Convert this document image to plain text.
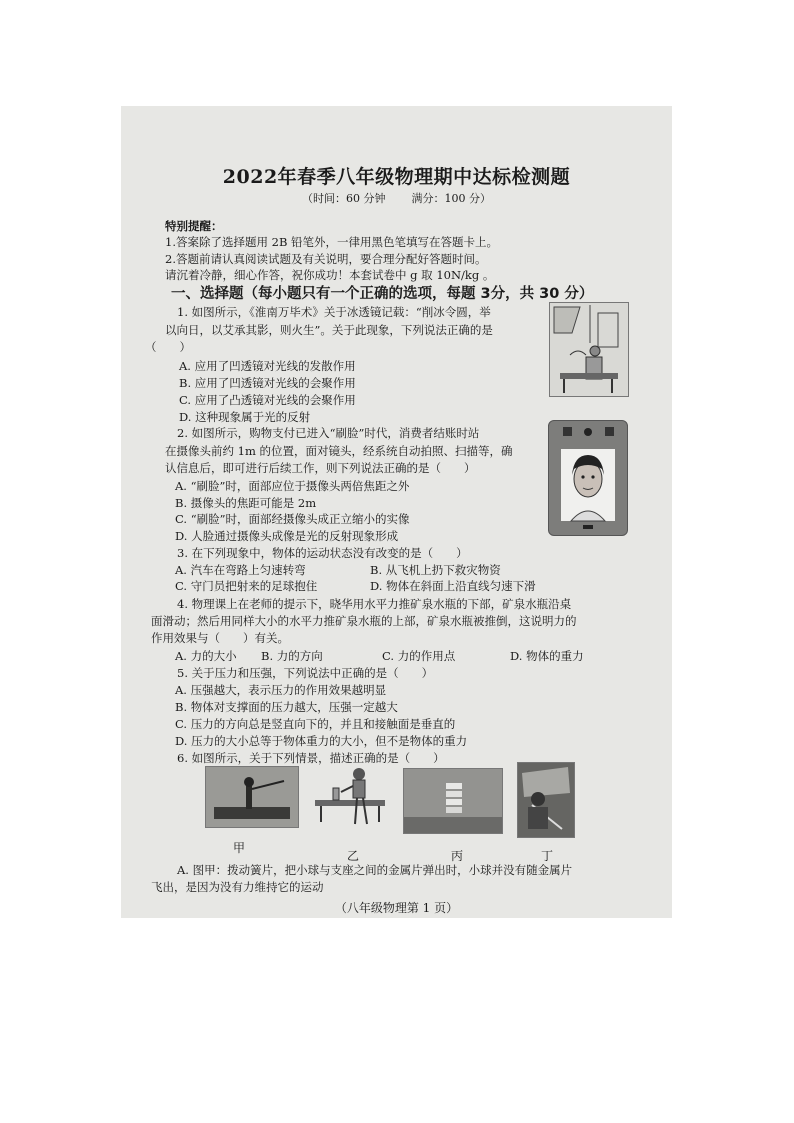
2022年春季八年级物理期中达标检测题
（时间：60 分钟 满分：100 分）
特别提醒：
1.答案除了选择题用 2B 铅笔外，一律用黑色笔填写在答题卡上。
2.答题前请认真阅读试题及有关说明，要合理分配好答题时间。
请沉着冷静，细心作答，祝你成功！本套试卷中 g 取 10N/kg 。
一、选择题（每小题只有一个正确的选项，每题 3分，共 30 分）
1. 如图所示，《淮南万毕术》关于冰透镜记载：“削冰令圆，举
以向日，以艾承其影，则火生”。关于此现象，下列说法正确的是
（　　）
A. 应用了凹透镜对光线的发散作用
B. 应用了凹透镜对光线的会聚作用
C. 应用了凸透镜对光线的会聚作用
D. 这种现象属于光的反射
2. 如图所示，购物支付已进入“刷脸”时代，消费者结账时站
在摄像头前约 1m 的位置，面对镜头，经系统自动拍照、扫描等，确
认信息后，即可进行后续工作，则下列说法正确的是（　　）
A. “刷脸”时，面部应位于摄像头两倍焦距之外
B. 摄像头的焦距可能是 2m
C. “刷脸”时，面部经摄像头成正立缩小的实像
D. 人脸通过摄像头成像是光的反射现象形成
3. 在下列现象中，物体的运动状态没有改变的是（　　）
A. 汽车在弯路上匀速转弯	B. 从飞机上扔下救灾物资
C. 守门员把射来的足球抱住	D. 物体在斜面上沿直线匀速下滑
4. 物理课上在老师的提示下，晓华用水平力推矿泉水瓶的下部，矿泉水瓶沿桌
面滑动；然后用同样大小的水平力推矿泉水瓶的上部，矿泉水瓶被推倒，这说明力的
作用效果与（　　）有关。
A. 力的大小 B. 力的方向	C. 力的作用点	D. 物体的重力
5. 关于压力和压强，下列说法中正确的是（　　）
A. 压强越大，表示压力的作用效果越明显
B. 物体对支撑面的压力越大，压强一定越大
C. 压力的方向总是竖直向下的，并且和接触面是垂直的
D. 压力的大小总等于物体重力的大小，但不是物体的重力
6. 如图所示，关于下列情景，描述正确的是（　　）
甲
乙	丙	丁
A. 图甲：拨动簧片，把小球与支座之间的金属片弹出时，小球并没有随金属片
飞出，是因为没有力维持它的运动
（八年级物理第 1 页）
